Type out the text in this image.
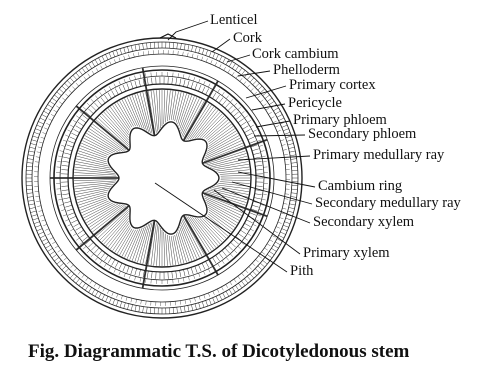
Lenticel
Cork
Cork cambium
Phelloderm
Primary cortex
Pericycle
Primary phloem
Secondary phloem
Primary medullary ray
Cambium ring
Secondary medullary ray
Secondary xylem
Primary xylem
Pith
Fig. Diagrammatic T.S. of Dicotyledonous stem
